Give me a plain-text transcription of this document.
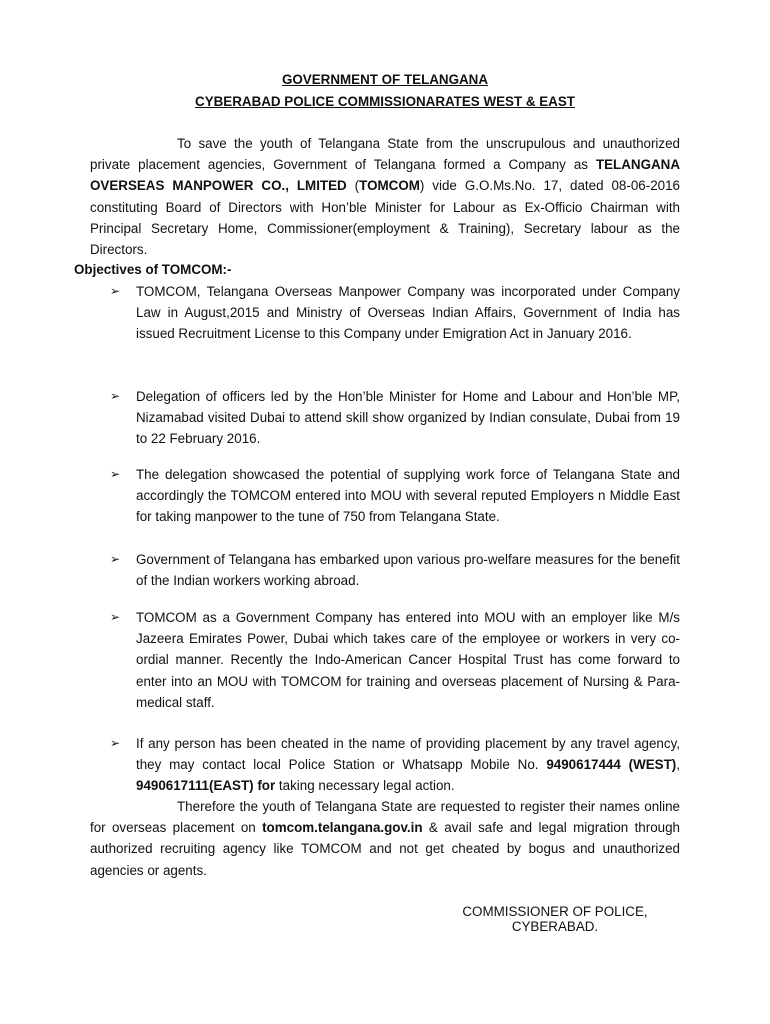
GOVERNMENT OF TELANGANA
CYBERABAD POLICE COMMISSIONARATES WEST & EAST
To save the youth of Telangana State from the unscrupulous and unauthorized private placement agencies, Government of Telangana formed a Company as TELANGANA OVERSEAS MANPOWER CO., LMITED (TOMCOM) vide G.O.Ms.No. 17, dated 08-06-2016 constituting Board of Directors with Hon’ble Minister for Labour as Ex-Officio Chairman with Principal Secretary Home, Commissioner(employment & Training), Secretary labour as the Directors.
Objectives of TOMCOM:-
➢	TOMCOM, Telangana Overseas Manpower Company was incorporated under Company Law in August,2015 and Ministry of Overseas Indian Affairs, Government of India has issued Recruitment License to this Company under Emigration Act in January 2016.
➢	Delegation of officers led by the Hon’ble Minister for Home and Labour and Hon’ble MP, Nizamabad visited Dubai to attend skill show organized by Indian consulate, Dubai from 19 to 22 February 2016.
➢	The delegation showcased the potential of supplying work force of Telangana State and accordingly the TOMCOM entered into MOU with several reputed Employers n Middle East for taking manpower to the tune of 750 from Telangana State.
➢	Government of Telangana has embarked upon various pro-welfare measures for the benefit of the Indian workers working abroad.
➢	TOMCOM as a Government Company has entered into MOU with an employer like M/s Jazeera Emirates Power, Dubai which takes care of the employee or workers in very co-ordial manner. Recently the Indo-American Cancer Hospital Trust has come forward to enter into an MOU with TOMCOM for training and overseas placement of Nursing & Para-medical staff.
➢	If any person has been cheated in the name of providing placement by any travel agency, they may contact local Police Station or Whatsapp Mobile No. 9490617444 (WEST), 9490617111(EAST) for taking necessary legal action.
Therefore the youth of Telangana State are requested to register their names online for overseas placement on tomcom.telangana.gov.in & avail safe and legal migration through authorized recruiting agency like TOMCOM and not get cheated by bogus and unauthorized agencies or agents.
COMMISSIONER OF POLICE,
CYBERABAD.
